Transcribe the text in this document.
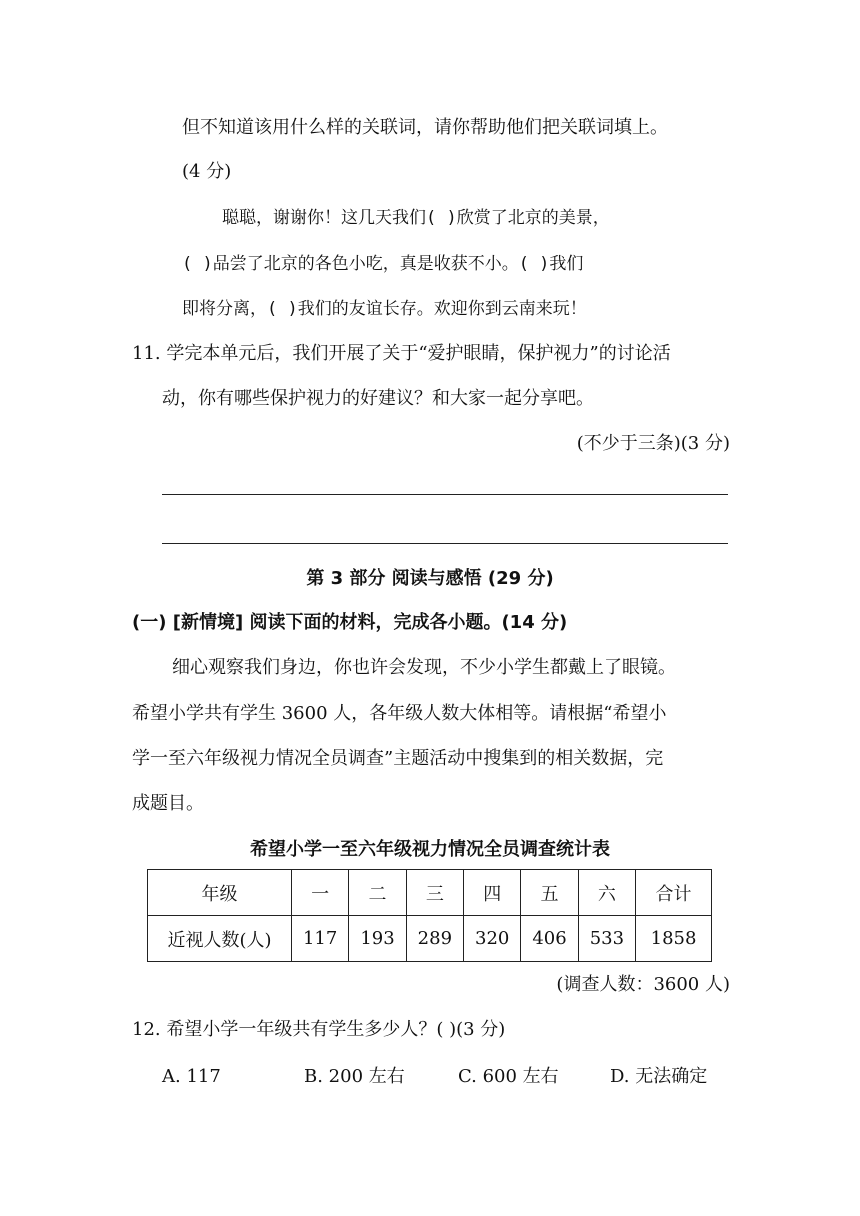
但不知道该用什么样的关联词，请你帮助他们把关联词填上。
(4 分)
聪聪，谢谢你！这几天我们( )欣赏了北京的美景，
( )品尝了北京的各色小吃，真是收获不小。( )我们
即将分离，( )我们的友谊长存。欢迎你到云南来玩！
11. 学完本单元后，我们开展了关于“爱护眼睛，保护视力”的讨论活
动，你有哪些保护视力的好建议？和大家一起分享吧。
(不少于三条)(3 分)
第 3 部分 阅读与感悟 (29 分)
(一) [新情境] 阅读下面的材料，完成各小题。(14 分)
细心观察我们身边，你也许会发现，不少小学生都戴上了眼镜。
希望小学共有学生 3600 人，各年级人数大体相等。请根据“希望小
学一至六年级视力情况全员调查”主题活动中搜集到的相关数据，完
成题目。
希望小学一至六年级视力情况全员调查统计表
年级	一	二	三	四	五	六	合计
近视人数(人)	117	193	289	320	406	533	1858
(调查人数：3600 人)
12. 希望小学一年级共有学生多少人？( )(3 分)
A. 117	B. 200 左右	C. 600 左右	D. 无法确定
